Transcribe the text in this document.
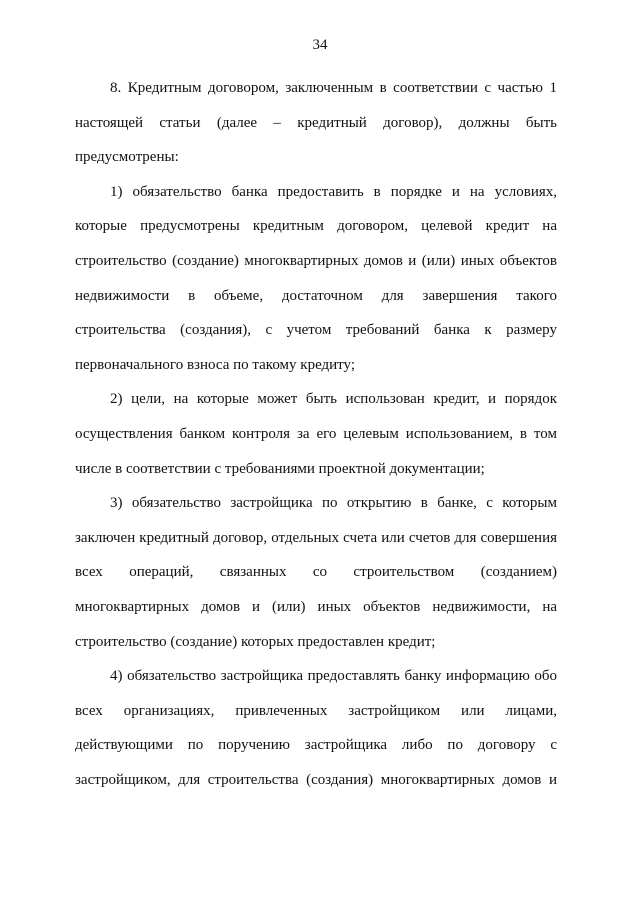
34
8. Кредитным договором, заключенным в соответствии с частью 1
настоящей статьи (далее – кредитный договор), должны быть
предусмотрены:
1) обязательство банка предоставить в порядке и на условиях,
которые предусмотрены кредитным договором, целевой кредит на
строительство (создание) многоквартирных домов и (или) иных объектов
недвижимости в объеме, достаточном для завершения такого
строительства (создания), с учетом требований банка к размеру
первоначального взноса по такому кредиту;
2) цели, на которые может быть использован кредит, и порядок
осуществления банком контроля за его целевым использованием, в том
числе в соответствии с требованиями проектной документации;
3) обязательство застройщика по открытию в банке, с которым
заключен кредитный договор, отдельных счета или счетов для совершения
всех операций, связанных со строительством (созданием)
многоквартирных домов и (или) иных объектов недвижимости, на
строительство (создание) которых предоставлен кредит;
4) обязательство застройщика предоставлять банку информацию обо
всех организациях, привлеченных застройщиком или лицами,
действующими по поручению застройщика либо по договору с
застройщиком, для строительства (создания) многоквартирных домов и
